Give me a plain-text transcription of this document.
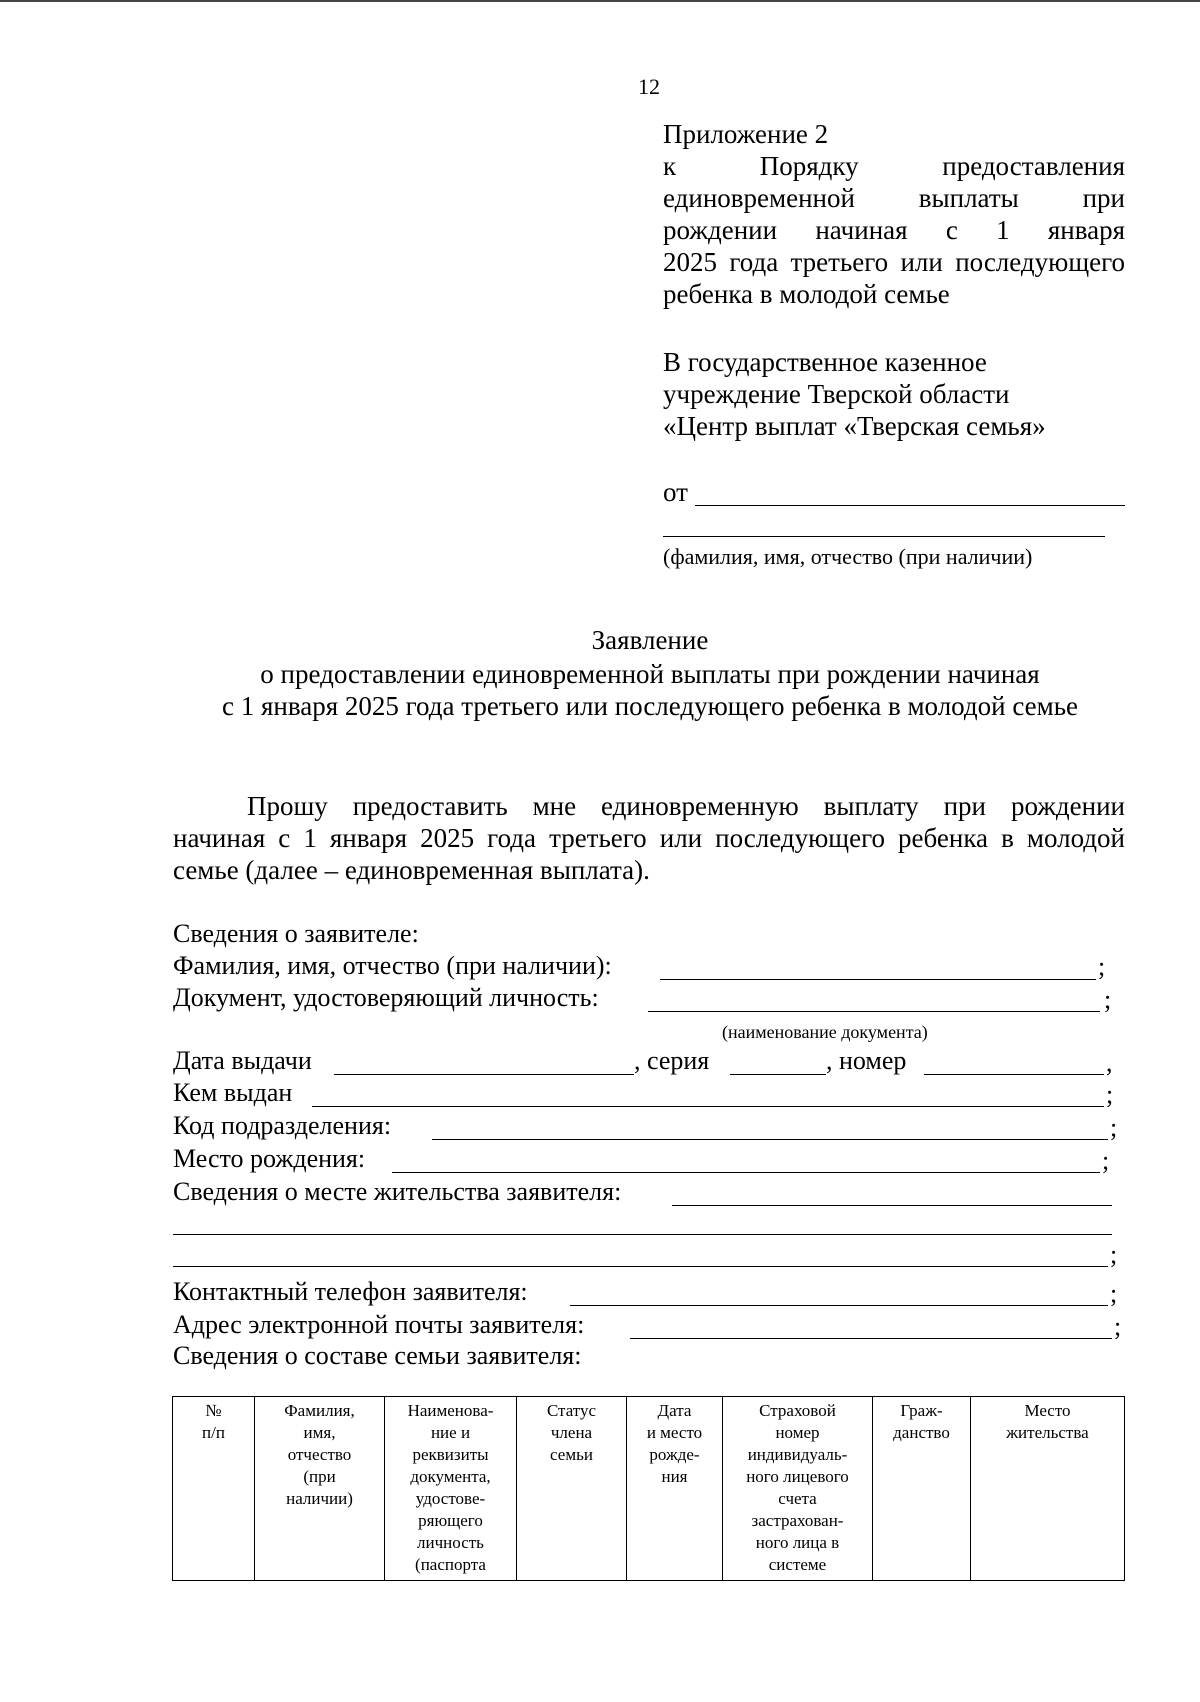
12
Приложение 2
к Порядку предоставления
единовременной выплаты при
рождении начиная с 1 января
2025 года третьего или последующего
ребенка в молодой семье
В государственное казенное
учреждение Тверской области
«Центр выплат «Тверская семья»
от
(фамилия, имя, отчество (при наличии)
Заявление
о предоставлении единовременной выплаты при рождении начиная
с 1 января 2025 года третьего или последующего ребенка в молодой семье
Прошу предоставить мне единовременную выплату при рождении
начиная с 1 января 2025 года третьего или последующего ребенка в молодой
семье (далее – единовременная выплата).
Сведения о заявителе:
Фамилия, имя, отчество (при наличии):	;
Документ, удостоверяющий личность:	;
(наименование документа)
Дата выдачи	, серия	, номер	,
Кем выдан	;
Код подразделения:	;
Место рождения:	;
Сведения о месте жительства заявителя:
;
Контактный телефон заявителя:	;
Адрес электронной почты заявителя:	;
Сведения о составе семьи заявителя:
№
п/п	Фамилия,
имя,
отчество
(при
наличии)	Наименова-
ние и
реквизиты
документа,
удостове-
ряющего
личность
(паспорта	Статус
члена
семьи	Дата
и место
рожде-
ния	Страховой
номер
индивидуаль-
ного лицевого
счета
застрахован-
ного лица в
системе	Граж-
данство	Место
жительства
